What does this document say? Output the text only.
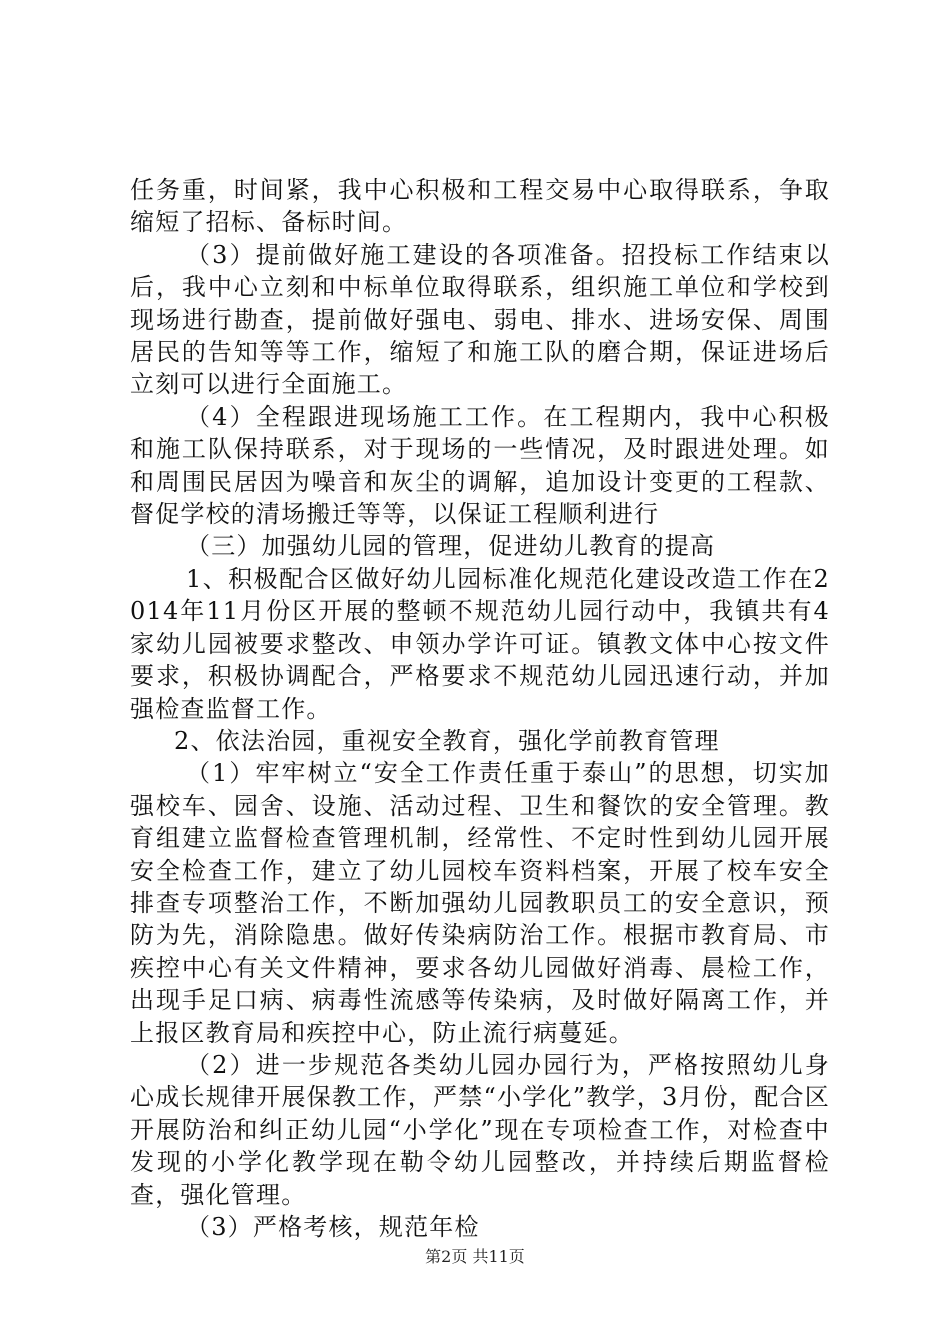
任务重，时间紧，我中心积极和工程交易中心取得联系，争取缩短了招标、备标时间。

（3）提前做好施工建设的各项准备。招投标工作结束以后，我中心立刻和中标单位取得联系，组织施工单位和学校到现场进行勘查，提前做好强电、弱电、排水、进场安保、周围居民的告知等等工作，缩短了和施工队的磨合期，保证进场后立刻可以进行全面施工。

（4）全程跟进现场施工工作。在工程期内，我中心积极和施工队保持联系，对于现场的一些情况，及时跟进处理。如和周围民居因为噪音和灰尘的调解，追加设计变更的工程款、督促学校的清场搬迁等等，以保证工程顺利进行

（三）加强幼儿园的管理，促进幼儿教育的提高

1、积极配合区做好幼儿园标准化规范化建设改造工作在2014年11月份区开展的整顿不规范幼儿园行动中，我镇共有4家幼儿园被要求整改、申领办学许可证。镇教文体中心按文件要求，积极协调配合，严格要求不规范幼儿园迅速行动，并加强检查监督工作。

2、依法治园，重视安全教育，强化学前教育管理

（1）牢牢树立“安全工作责任重于泰山”的思想，切实加强校车、园舍、设施、活动过程、卫生和餐饮的安全管理。教育组建立监督检查管理机制，经常性、不定时性到幼儿园开展安全检查工作，建立了幼儿园校车资料档案，开展了校车安全排查专项整治工作，不断加强幼儿园教职员工的安全意识，预防为先，消除隐患。做好传染病防治工作。根据市教育局、市疾控中心有关文件精神，要求各幼儿园做好消毒、晨检工作，出现手足口病、病毒性流感等传染病，及时做好隔离工作，并上报区教育局和疾控中心，防止流行病蔓延。

（2）进一步规范各类幼儿园办园行为，严格按照幼儿身心成长规律开展保教工作，严禁“小学化”教学，3月份，配合区开展防治和纠正幼儿园“小学化”现在专项检查工作，对检查中发现的小学化教学现在勒令幼儿园整改，并持续后期监督检查，强化管理。

（3）严格考核，规范年检

第2页 共11页
